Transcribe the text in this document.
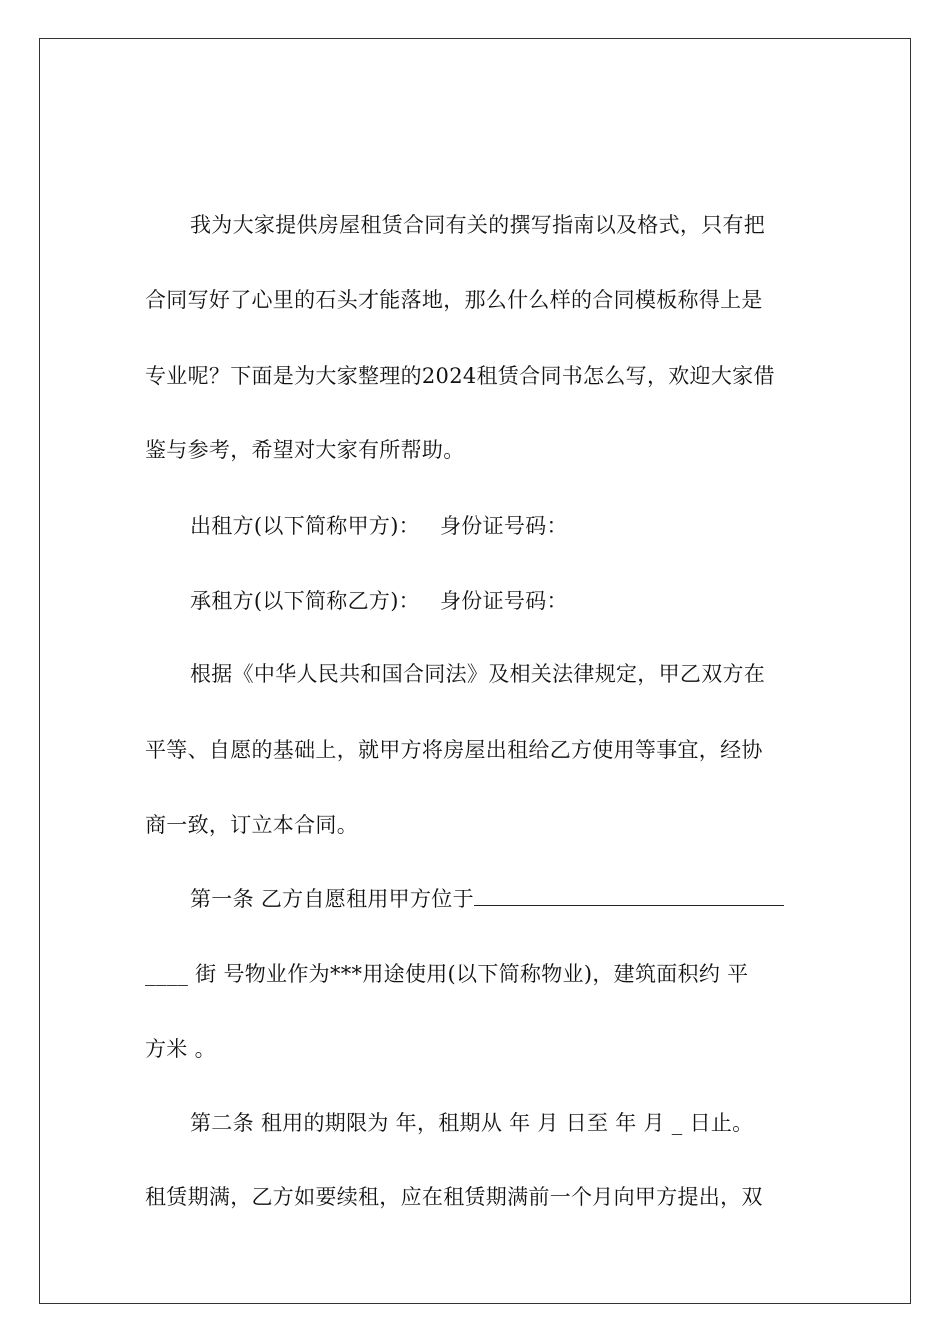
我为大家提供房屋租赁合同有关的撰写指南以及格式，只有把
合同写好了心里的石头才能落地，那么什么样的合同模板称得上是
专业呢？下面是为大家整理的2024租赁合同书怎么写，欢迎大家借
鉴与参考，希望对大家有所帮助。
出租方(以下简称甲方)： 身份证号码：
承租方(以下简称乙方)： 身份证号码：
根据《中华人民共和国合同法》及相关法律规定，甲乙双方在
平等、自愿的基础上，就甲方将房屋出租给乙方使用等事宜，经协
商一致，订立本合同。
第一条 乙方自愿租用甲方位于
____ 街 号物业作为***用途使用(以下简称物业)，建筑面积约 平
方米 。
第二条 租用的期限为 年，租期从 年 月 日至 年 月 _ 日止。
租赁期满，乙方如要续租，应在租赁期满前一个月向甲方提出，双
